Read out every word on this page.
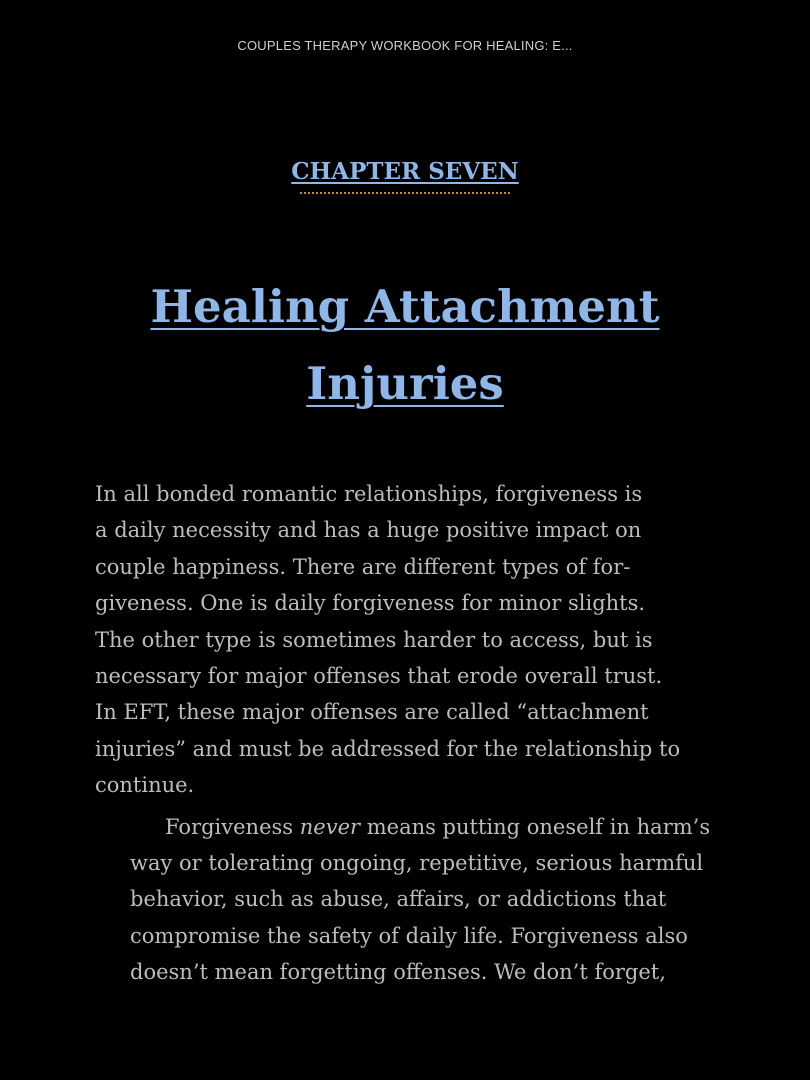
COUPLES THERAPY WORKBOOK FOR HEALING: E...
CHAPTER SEVEN
Healing Attachment
Injuries

In all bonded romantic relationships, forgiveness is
a daily necessity and has a huge positive impact on
couple happiness. There are different types of for-
giveness. One is daily forgiveness for minor slights.
The other type is sometimes harder to access, but is
necessary for major offenses that erode overall trust.
In EFT, these major offenses are called “attachment
injuries” and must be addressed for the relationship to
continue.

Forgiveness never means putting oneself in harm’s
way or tolerating ongoing, repetitive, serious harmful
behavior, such as abuse, affairs, or addictions that
compromise the safety of daily life. Forgiveness also
doesn’t mean forgetting offenses. We don’t forget,
